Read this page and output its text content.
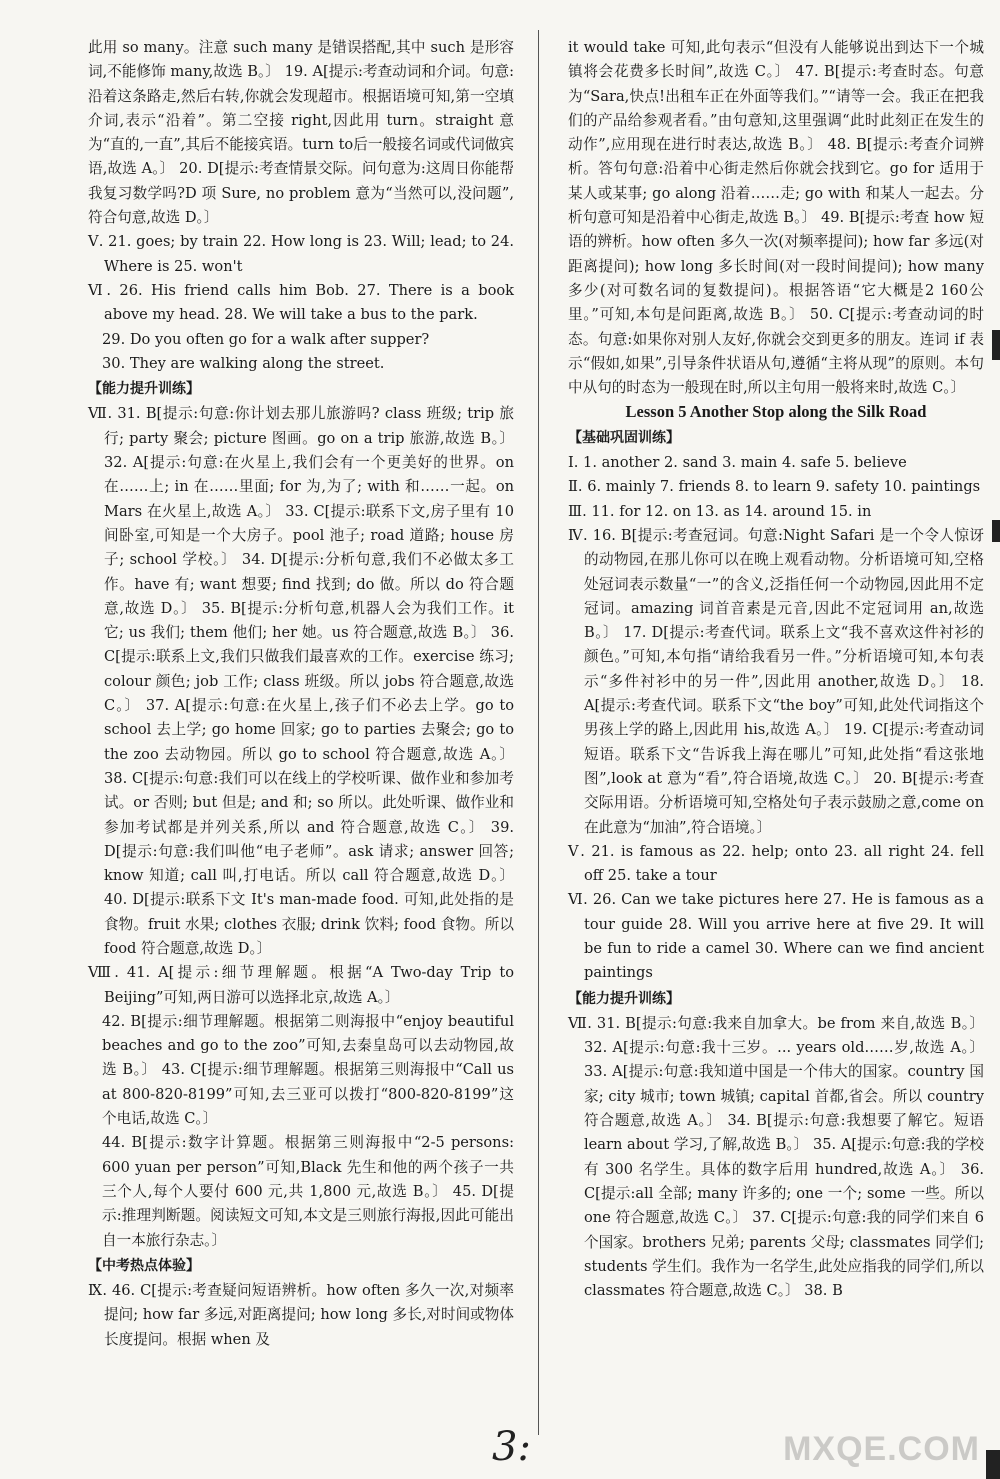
此用 so many。注意 such many 是错误搭配,其中 such 是形容词,不能修饰 many,故选 B。〕 19. A[提示:考查动词和介词。句意:沿着这条路走,然后右转,你就会发现超市。根据语境可知,第一空填介词,表示“沿着”。第二空接 right,因此用 turn。straight 意为“直的,一直”,其后不能接宾语。turn to后一般接名词或代词做宾语,故选 A。〕 20. D[提示:考查情景交际。问句意为:这周日你能帮我复习数学吗?D 项 Sure, no problem 意为“当然可以,没问题”,符合句意,故选 D。〕

Ⅴ. 21. goes; by train 22. How long is 23. Will; lead; to 24. Where is 25. won't

Ⅵ. 26. His friend calls him Bob. 27. There is a book above my head. 28. We will take a bus to the park.

29. Do you often go for a walk after supper?

30. They are walking along the street.

【能力提升训练】

Ⅶ. 31. B[提示:句意:你计划去那儿旅游吗? class 班级; trip 旅行; party 聚会; picture 图画。go on a trip 旅游,故选 B。〕 32. A[提示:句意:在火星上,我们会有一个更美好的世界。on 在……上; in 在……里面; for 为,为了; with 和……一起。on Mars 在火星上,故选 A。〕 33. C[提示:联系下文,房子里有 10 间卧室,可知是一个大房子。pool 池子; road 道路; house 房子; school 学校。〕 34. D[提示:分析句意,我们不必做太多工作。have 有; want 想要; find 找到; do 做。所以 do 符合题意,故选 D。〕 35. B[提示:分析句意,机器人会为我们工作。it 它; us 我们; them 他们; her 她。us 符合题意,故选 B。〕 36. C[提示:联系上文,我们只做我们最喜欢的工作。exercise 练习; colour 颜色; job 工作; class 班级。所以 jobs 符合题意,故选 C。〕 37. A[提示:句意:在火星上,孩子们不必去上学。go to school 去上学; go home 回家; go to parties 去聚会; go to the zoo 去动物园。所以 go to school 符合题意,故选 A。〕 38. C[提示:句意:我们可以在线上的学校听课、做作业和参加考试。or 否则; but 但是; and 和; so 所以。此处听课、做作业和参加考试都是并列关系,所以 and 符合题意,故选 C。〕 39. D[提示:句意:我们叫他“电子老师”。ask 请求; answer 回答; know 知道; call 叫,打电话。所以 call 符合题意,故选 D。〕 40. D[提示:联系下文 It's man-made food. 可知,此处指的是食物。fruit 水果; clothes 衣服; drink 饮料; food 食物。所以 food 符合题意,故选 D。〕

Ⅷ. 41. A[提示:细节理解题。根据“A Two-day Trip to Beijing”可知,两日游可以选择北京,故选 A。〕

42. B[提示:细节理解题。根据第二则海报中“enjoy beautiful beaches and go to the zoo”可知,去秦皇岛可以去动物园,故选 B。〕 43. C[提示:细节理解题。根据第三则海报中“Call us at 800-820-8199”可知,去三亚可以拨打“800-820-8199”这个电话,故选 C。〕

44. B[提示:数字计算题。根据第三则海报中“2-5 persons: 600 yuan per person”可知,Black 先生和他的两个孩子一共三个人,每个人要付 600 元,共 1,800 元,故选 B。〕 45. D[提示:推理判断题。阅读短文可知,本文是三则旅行海报,因此可能出自一本旅行杂志。〕

【中考热点体验】

Ⅸ. 46. C[提示:考查疑问短语辨析。how often 多久一次,对频率提问; how far 多远,对距离提问; how long 多长,对时间或物体长度提问。根据 when 及

it would take 可知,此句表示“但没有人能够说出到达下一个城镇将会花费多长时间”,故选 C。〕 47. B[提示:考查时态。句意为“Sara,快点!出租车正在外面等我们。”“请等一会。我正在把我们的产品给参观者看。”由句意知,这里强调“此时此刻正在发生的动作”,应用现在进行时表达,故选 B。〕 48. B[提示:考查介词辨析。答句句意:沿着中心街走然后你就会找到它。go for 适用于某人或某事; go along 沿着……走; go with 和某人一起去。分析句意可知是沿着中心街走,故选 B。〕 49. B[提示:考查 how 短语的辨析。how often 多久一次(对频率提问); how far 多远(对距离提问); how long 多长时间(对一段时间提问); how many 多少(对可数名词的复数提问)。根据答语“它大概是2 160公里。”可知,本句是问距离,故选 B。〕 50. C[提示:考查动词的时态。句意:如果你对别人友好,你就会交到更多的朋友。连词 if 表示“假如,如果”,引导条件状语从句,遵循“主将从现”的原则。本句中从句的时态为一般现在时,所以主句用一般将来时,故选 C。〕

Lesson 5 Another Stop along the Silk Road

【基础巩固训练】

Ⅰ. 1. another 2. sand 3. main 4. safe 5. believe

Ⅱ. 6. mainly 7. friends 8. to learn 9. safety 10. paintings

Ⅲ. 11. for 12. on 13. as 14. around 15. in

Ⅳ. 16. B[提示:考查冠词。句意:Night Safari 是一个令人惊讶的动物园,在那儿你可以在晚上观看动物。分析语境可知,空格处冠词表示数量“一”的含义,泛指任何一个动物园,因此用不定冠词。amazing 词首音素是元音,因此不定冠词用 an,故选 B。〕 17. D[提示:考查代词。联系上文“我不喜欢这件衬衫的颜色。”可知,本句指“请给我看另一件。”分析语境可知,本句表示“多件衬衫中的另一件”,因此用 another,故选 D。〕 18. A[提示:考查代词。联系下文“the boy”可知,此处代词指这个男孩上学的路上,因此用 his,故选 A。〕 19. C[提示:考查动词短语。联系下文“告诉我上海在哪儿”可知,此处指“看这张地图”,look at 意为“看”,符合语境,故选 C。〕 20. B[提示:考查交际用语。分析语境可知,空格处句子表示鼓励之意,come on 在此意为“加油”,符合语境。〕

Ⅴ. 21. is famous as 22. help; onto 23. all right 24. fell off 25. take a tour

Ⅵ. 26. Can we take pictures here 27. He is famous as a tour guide 28. Will you arrive here at five 29. It will be fun to ride a camel 30. Where can we find ancient paintings

【能力提升训练】

Ⅶ. 31. B[提示:句意:我来自加拿大。be from 来自,故选 B。〕 32. A[提示:句意:我十三岁。... years old……岁,故选 A。〕 33. A[提示:句意:我知道中国是一个伟大的国家。country 国家; city 城市; town 城镇; capital 首都,省会。所以 country 符合题意,故选 A。〕 34. B[提示:句意:我想要了解它。短语 learn about 学习,了解,故选 B。〕 35. A[提示:句意:我的学校有 300 名学生。具体的数字后用 hundred,故选 A。〕 36. C[提示:all 全部; many 许多的; one 一个; some 一些。所以 one 符合题意,故选 C。〕 37. C[提示:句意:我的同学们来自 6 个国家。brothers 兄弟; parents 父母; classmates 同学们; students 学生们。我作为一名学生,此处应指我的同学们,所以 classmates 符合题意,故选 C。〕 38. B

3:	MXQE.COM
